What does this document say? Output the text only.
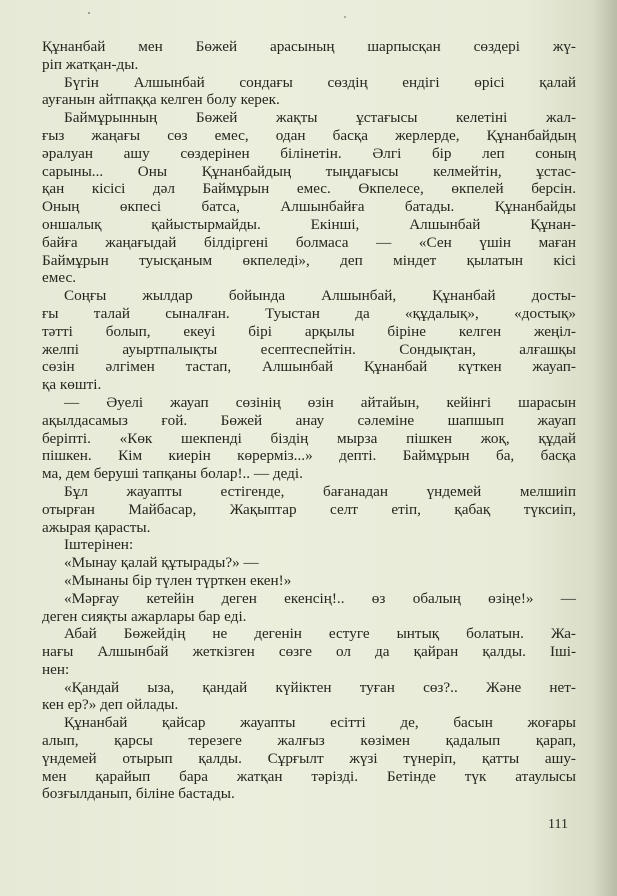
Құнанбай мен Бөжей арасының шарпысқан сөздері жү-
ріп жатқан-ды.
Бүгін Алшынбай сондағы сөздің ендігі өрісі қалай
ауғанын айтпаққа келген болу керек.
Баймұрынның Бөжей жақты ұстағысы келетіні жал-
ғыз жаңағы сөз емес, одан басқа жерлерде, Құнанбайдың
әралуан ашу сөздерінен білінетін. Әлгі бір леп соның
сарыны... Оны Құнанбайдың тыңдағысы келмейтін, ұстас-
қан кісісі дәл Баймұрын емес. Өкпелесе, өкпелей берсін.
Оның өкпесі батса, Алшынбайға батады. Құнанбайды
оншалық қайыстырмайды. Екінші, Алшынбай Құнан-
байға жаңағыдай білдіргені болмаса — «Сен үшін маған
Баймұрын туысқаным өкпеледі», деп міндет қылатын кісі
емес.
Соңғы жылдар бойында Алшынбай, Құнанбай досты-
ғы талай сыналған. Туыстан да «құдалық», «достық»
тәтті болып, екеуі бірі арқылы біріне келген жеңіл-
желпі ауыртпалықты есептеспейтін. Сондықтан, алғашқы
сөзін әлгімен тастап, Алшынбай Құнанбай күткен жауап-
қа көшті.
— Әуелі жауап сөзінің өзін айтайын, кейінгі шарасын
ақылдасамыз ғой. Бөжей анау сәлеміне шапшып жауап
беріпті. «Көк шекпенді біздің мырза пішкен жоқ, құдай
пішкен. Кім киерін көрерміз...» депті. Баймұрын ба, басқа
ма, дем беруші тапқаны болар!.. — деді.
Бұл жауапты естігенде, бағанадан үндемей мелшиіп
отырған Майбасар, Жақыптар селт етіп, қабақ түксиіп,
ажырая қарасты.
Іштерінен:
«Мынау қалай құтырады?» —
«Мынаны бір түлен түрткен екен!»
«Мәрғау кетейін деген екенсің!.. өз обалың өзіңе!» —
деген сияқты ажарлары бар еді.
Абай Бөжейдің не дегенін естуге ынтық болатын. Жа-
нағы Алшынбай жеткізген сөзге ол да қайран қалды. Іші-
нен:
«Қандай ыза, қандай күйіктен туған сөз?.. Және нет-
кен ер?» деп ойлады.
Құнанбай қайсар жауапты есітті де, басын жоғары
алып, қарсы терезеге жалғыз көзімен қадалып қарап,
үндемей отырып қалды. Сұрғылт жүзі түнеріп, қатты ашу-
мен қарайып бара жатқан тәрізді. Бетінде түк атаулысы
бозғылданып, біліне бастады.
111
